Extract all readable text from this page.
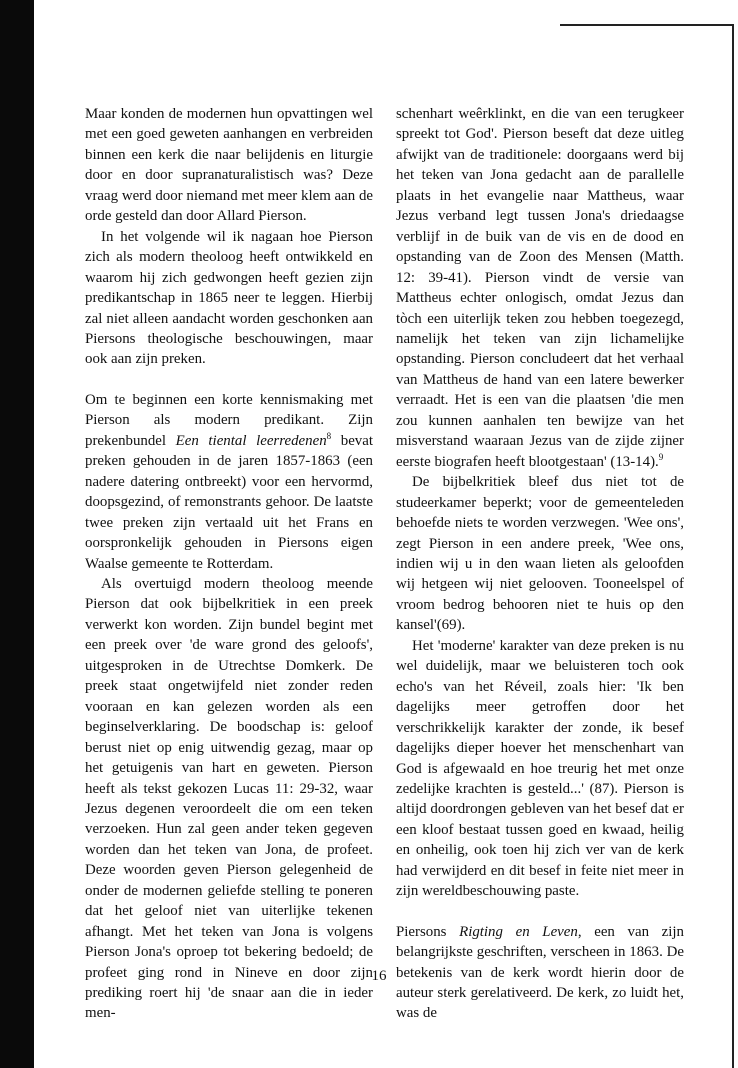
Maar konden de modernen hun opvattingen wel met een goed geweten aanhangen en verbreiden binnen een kerk die naar belijdenis en liturgie door en door supranaturalistisch was? Deze vraag werd door niemand met meer klem aan de orde gesteld dan door Allard Pierson.

In het volgende wil ik nagaan hoe Pierson zich als modern theoloog heeft ontwikkeld en waarom hij zich gedwongen heeft gezien zijn predikantschap in 1865 neer te leggen. Hierbij zal niet alleen aandacht worden geschonken aan Piersons theologische beschouwingen, maar ook aan zijn preken.

Om te beginnen een korte kennismaking met Pierson als modern predikant. Zijn prekenbundel Een tiental leerredenen$^8$ bevat preken gehouden in de jaren 1857-1863 (een nadere datering ontbreekt) voor een hervormd, doopsgezind, of remonstrants gehoor. De laatste twee preken zijn vertaald uit het Frans en oorspronkelijk gehouden in Piersons eigen Waalse gemeente te Rotterdam.

Als overtuigd modern theoloog meende Pierson dat ook bijbelkritiek in een preek verwerkt kon worden. Zijn bundel begint met een preek over 'de ware grond des geloofs', uitgesproken in de Utrechtse Domkerk. De preek staat ongetwijfeld niet zonder reden vooraan en kan gelezen worden als een beginselverklaring. De boodschap is: geloof berust niet op enig uitwendig gezag, maar op het getuigenis van hart en geweten. Pierson heeft als tekst gekozen Lucas 11: 29-32, waar Jezus degenen veroordeelt die om een teken verzoeken. Hun zal geen ander teken gegeven worden dan het teken van Jona, de profeet. Deze woorden geven Pierson gelegenheid de onder de modernen geliefde stelling te poneren dat het geloof niet van uiterlijke tekenen afhangt. Met het teken van Jona is volgens Pierson Jona's oproep tot bekering bedoeld; de profeet ging rond in Nineve en door zijn prediking roert hij 'de snaar aan die in ieder men-

schenhart weêrklinkt, en die van een terugkeer spreekt tot God'. Pierson beseft dat deze uitleg afwijkt van de traditionele: doorgaans werd bij het teken van Jona gedacht aan de parallelle plaats in het evangelie naar Mattheus, waar Jezus verband legt tussen Jona's driedaagse verblijf in de buik van de vis en de dood en opstanding van de Zoon des Mensen (Matth. 12: 39-41). Pierson vindt de versie van Mattheus echter onlogisch, omdat Jezus dan tòch een uiterlijk teken zou hebben toegezegd, namelijk het teken van zijn lichamelijke opstanding. Pierson concludeert dat het verhaal van Mattheus de hand van een latere bewerker verraadt. Het is een van die plaatsen 'die men zou kunnen aanhalen ten bewijze van het misverstand waaraan Jezus van de zijde zijner eerste biografen heeft blootgestaan' (13-14).$^9$

De bijbelkritiek bleef dus niet tot de studeerkamer beperkt; voor de gemeenteleden behoefde niets te worden verzwegen. 'Wee ons', zegt Pierson in een andere preek, 'Wee ons, indien wij u in den waan lieten als geloofden wij hetgeen wij niet gelooven. Tooneelspel of vroom bedrog behooren niet te huis op den kansel'(69).

Het 'moderne' karakter van deze preken is nu wel duidelijk, maar we beluisteren toch ook echo's van het Réveil, zoals hier: 'Ik ben dagelijks meer getroffen door het verschrikkelijk karakter der zonde, ik besef dagelijks dieper hoever het menschenhart van God is afgewaald en hoe treurig het met onze zedelijke krachten is gesteld...' (87). Pierson is altijd doordrongen gebleven van het besef dat er een kloof bestaat tussen goed en kwaad, heilig en onheilig, ook toen hij zich ver van de kerk had verwijderd en dit besef in feite niet meer in zijn wereldbeschouwing paste.

Piersons Rigting en Leven, een van zijn belangrijkste geschriften, verscheen in 1863. De betekenis van de kerk wordt hierin door de auteur sterk gerelativeerd. De kerk, zo luidt het, was de

16
